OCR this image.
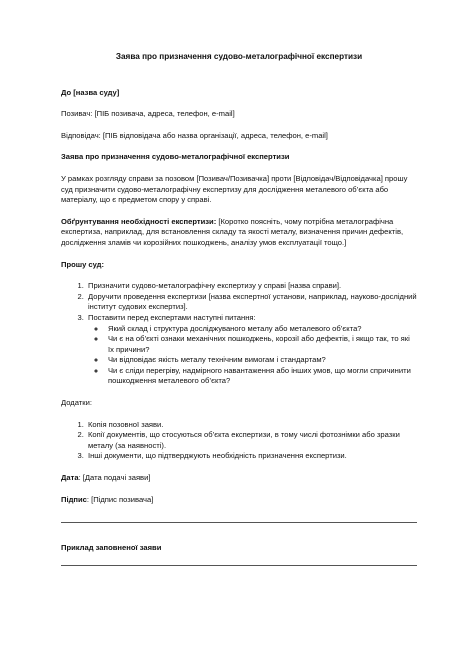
Заява про призначення судово-металографічної експертизи

До [назва суду]

Позивач: [ПІБ позивача, адреса, телефон, e-mail]

Відповідач: [ПІБ відповідача або назва організації, адреса, телефон, e-mail]

Заява про призначення судово-металографічної експертизи

У рамках розгляду справи за позовом [Позивач/Позивачка] проти [Відповідач/Відповідачка] прошу суд призначити судово-металографічну експертизу для дослідження металевого об’єкта або матеріалу, що є предметом спору у справі.

Обґрунтування необхідності експертизи: [Коротко поясніть, чому потрібна металографічна експертиза, наприклад, для встановлення складу та якості металу, визначення причин дефектів, дослідження зламів чи корозійних пошкоджень, аналізу умов експлуатації тощо.]

Прошу суд:

1. Призначити судово-металографічну експертизу у справі [назва справи].
2. Доручити проведення експертизи [назва експертної установи, наприклад, науково-дослідний інститут судових експертиз].
3. Поставити перед експертами наступні питання:
◦ Який склад і структура досліджуваного металу або металевого об’єкта?
◦ Чи є на об’єкті ознаки механічних пошкоджень, корозії або дефектів, і якщо так, то які їх причини?
◦ Чи відповідає якість металу технічним вимогам і стандартам?
◦ Чи є сліди перегріву, надмірного навантаження або інших умов, що могли спричинити пошкодження металевого об’єкта?

Додатки:

1. Копія позовної заяви.
2. Копії документів, що стосуються об’єкта експертизи, в тому числі фотознімки або зразки металу (за наявності).
3. Інші документи, що підтверджують необхідність призначення експертизи.

Дата: [Дата подачі заяви]

Підпис: [Підпис позивача]

Приклад заповненої заяви
